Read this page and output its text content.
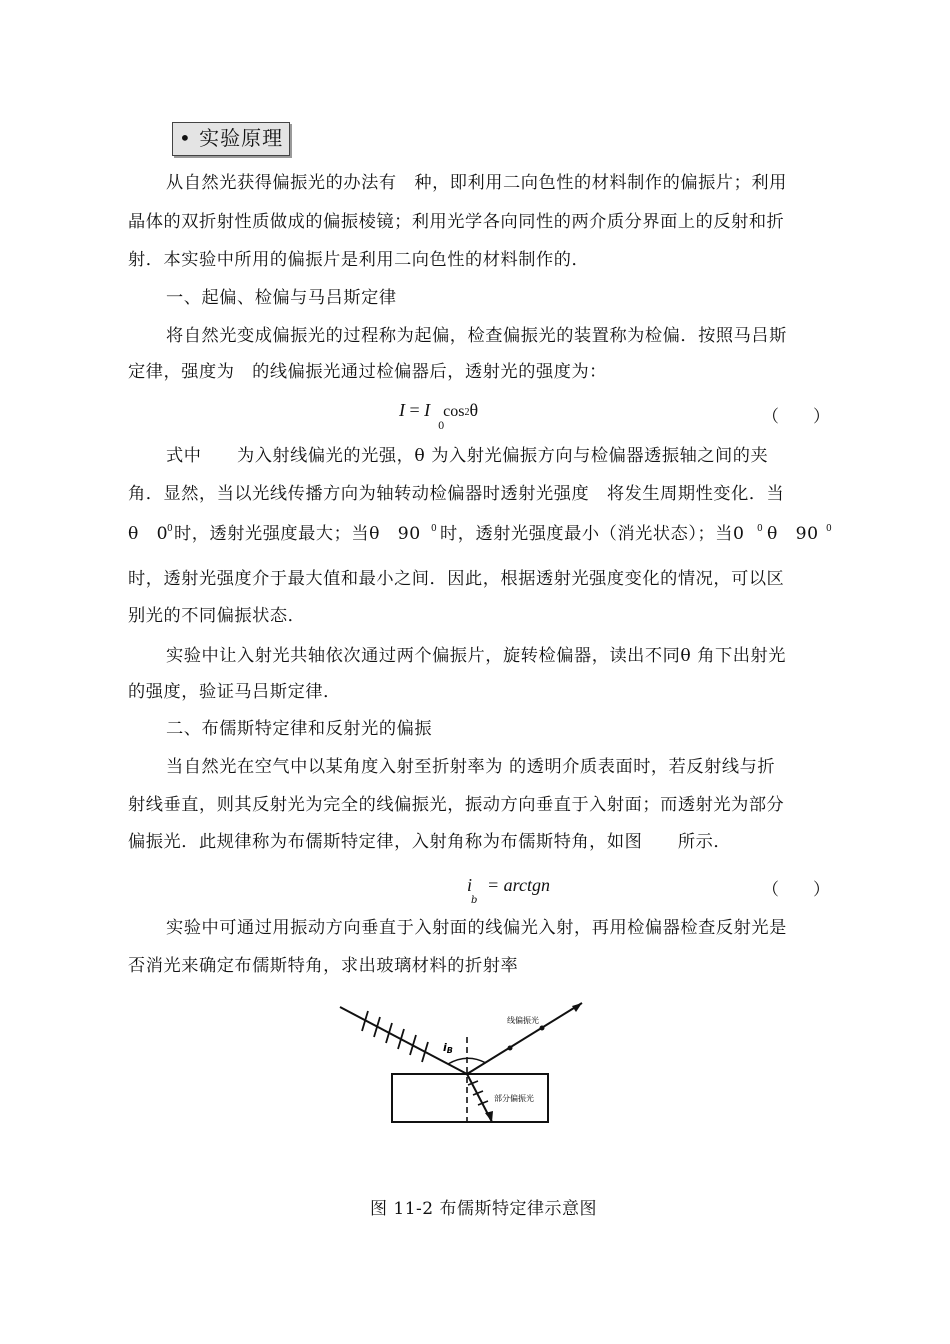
• 实验原理
从自然光获得偏振光的办法有　种，即利用二向色性的材料制作的偏振片；利用
晶体的双折射性质做成的偏振棱镜；利用光学各向同性的两介质分界面上的反射和折
射．本实验中所用的偏振片是利用二向色性的材料制作的．
一、起偏、检偏与马吕斯定律
将自然光变成偏振光的过程称为起偏，检查偏振光的装置称为检偏．按照马吕斯
定律，强度为　的线偏振光通过检偏器后，透射光的强度为：
I = I cos2θ
0	（　　）
式中　　为入射线偏光的光强，θ 为入射光偏振方向与检偏器透振轴之间的夹
角．显然，当以光线传播方向为轴转动检偏器时透射光强度　将发生周期性变化．当
θ　0
0 时，透射光强度最大；当θ　90 0 时，透射光强度最小（消光状态）；当0 0 θ　90 0
时，透射光强度介于最大值和最小之间．因此，根据透射光强度变化的情况，可以区
别光的不同偏振状态．
实验中让入射光共轴依次通过两个偏振片，旋转检偏器，读出不同θ 角下出射光
的强度，验证马吕斯定律．
二、布儒斯特定律和反射光的偏振
当自然光在空气中以某角度入射至折射率为 的透明介质表面时，若反射线与折
射线垂直，则其反射光为完全的线偏振光，振动方向垂直于入射面；而透射光为部分
偏振光．此规律称为布儒斯特定律，入射角称为布儒斯特角，如图　　所示．
i = arctgn
b
（　　）
实验中可通过用振动方向垂直于入射面的线偏光入射，再用检偏器检查反射光是
否消光来确定布儒斯特角，求出玻璃材料的折射率
iB
线偏振光
部分偏振光
图 11-2 布儒斯特定律示意图
